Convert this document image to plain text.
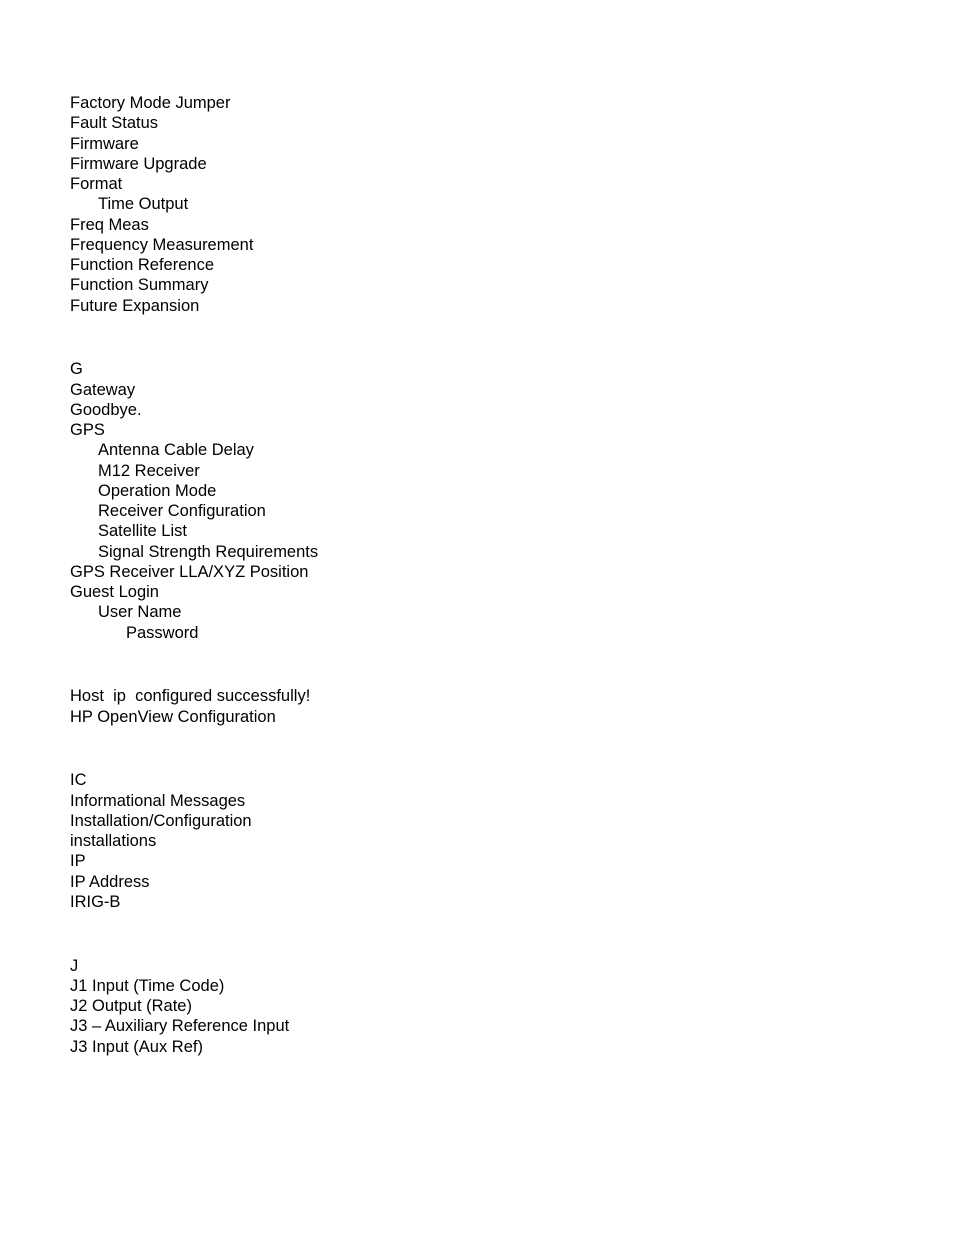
Factory Mode Jumper
Fault Status
Firmware
Firmware Upgrade
Format
Time Output
Freq Meas
Frequency Measurement
Function Reference
Function Summary
Future Expansion
G
Gateway
Goodbye.
GPS
Antenna Cable Delay
M12 Receiver
Operation Mode
Receiver Configuration
Satellite List
Signal Strength Requirements
GPS Receiver LLA/XYZ Position
Guest Login
User Name
Password
Host  ip  configured successfully!
HP OpenView Configuration
IC
Informational Messages
Installation/Configuration
installations
IP
IP Address
IRIG-B
J
J1 Input (Time Code)
J2 Output (Rate)
J3 – Auxiliary Reference Input
J3 Input (Aux Ref)
